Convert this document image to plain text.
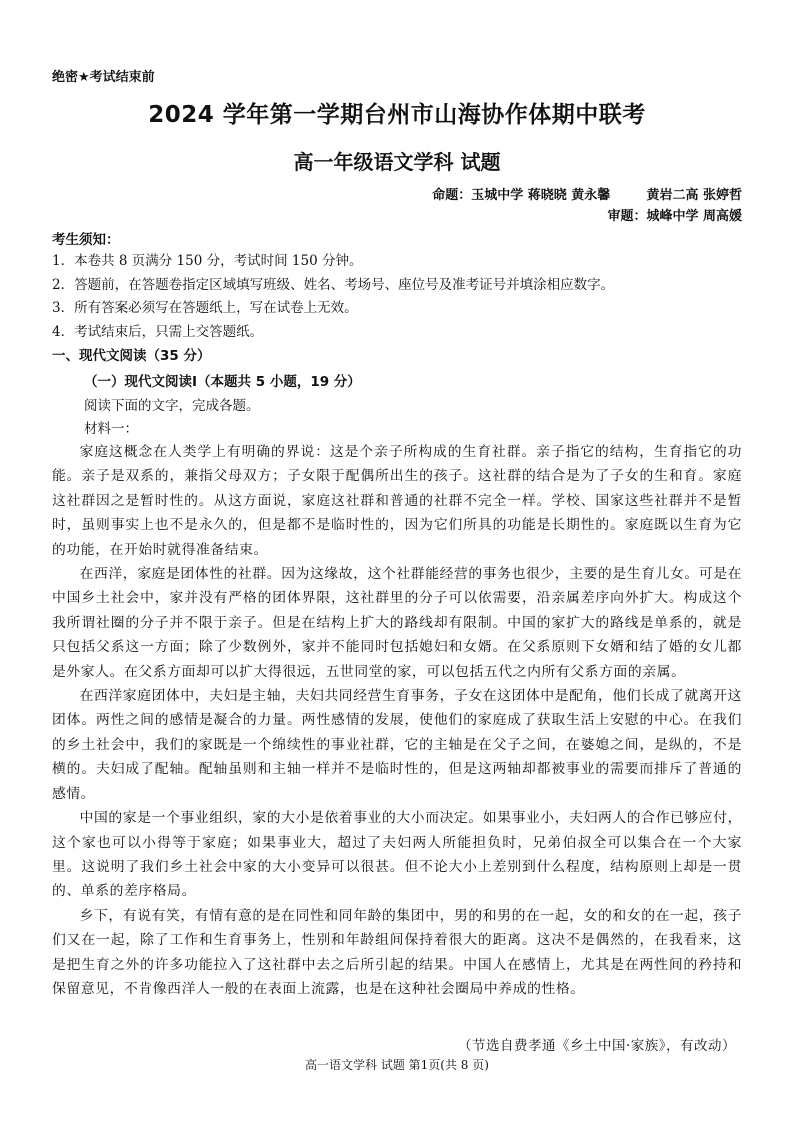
绝密★考试结束前
2024 学年第一学期台州市山海协作体期中联考
高一年级语文学科 试题
命题：玉城中学 蒋晓晓 黄永馨        黄岩二高 张婷哲
审题：城峰中学 周高媛
考生须知：
1．本卷共 8 页满分 150 分，考试时间 150 分钟。
2．答题前，在答题卷指定区域填写班级、姓名、考场号、座位号及准考证号并填涂相应数字。
3．所有答案必须写在答题纸上，写在试卷上无效。
4．考试结束后，只需上交答题纸。
一、现代文阅读（35 分）
（一）现代文阅读Ⅰ（本题共 5 小题，19 分）
阅读下面的文字，完成各题。
材料一：

家庭这概念在人类学上有明确的界说：这是个亲子所构成的生育社群。亲子指它的结构，生育指它的功能。亲子是双系的，兼指父母双方；子女限于配偶所出生的孩子。这社群的结合是为了子女的生和育。家庭这社群因之是暂时性的。从这方面说，家庭这社群和普通的社群不完全一样。学校、国家这些社群并不是暂时，虽则事实上也不是永久的，但是都不是临时性的，因为它们所具的功能是长期性的。家庭既以生育为它的功能，在开始时就得准备结束。

在西洋，家庭是团体性的社群。因为这缘故，这个社群能经营的事务也很少，主要的是生育儿女。可是在中国乡土社会中，家并没有严格的团体界限，这社群里的分子可以依需要，沿亲属差序向外扩大。构成这个我所谓社圈的分子并不限于亲子。但是在结构上扩大的路线却有限制。中国的家扩大的路线是单系的，就是只包括父系这一方面；除了少数例外，家并不能同时包括媳妇和女婿。在父系原则下女婿和结了婚的女儿都是外家人。在父系方面却可以扩大得很远，五世同堂的家，可以包括五代之内所有父系方面的亲属。

在西洋家庭团体中，夫妇是主轴，夫妇共同经营生育事务，子女在这团体中是配角，他们长成了就离开这团体。两性之间的感情是凝合的力量。两性感情的发展，使他们的家庭成了获取生活上安慰的中心。在我们的乡土社会中，我们的家既是一个绵续性的事业社群，它的主轴是在父子之间，在婆媳之间，是纵的，不是横的。夫妇成了配轴。配轴虽则和主轴一样并不是临时性的，但是这两轴却都被事业的需要而排斥了普通的感情。

中国的家是一个事业组织，家的大小是依着事业的大小而决定。如果事业小，夫妇两人的合作已够应付，这个家也可以小得等于家庭；如果事业大，超过了夫妇两人所能担负时，兄弟伯叔全可以集合在一个大家里。这说明了我们乡土社会中家的大小变异可以很甚。但不论大小上差别到什么程度，结构原则上却是一贯的、单系的差序格局。

乡下，有说有笑，有情有意的是在同性和同年龄的集团中，男的和男的在一起，女的和女的在一起，孩子们又在一起，除了工作和生育事务上，性别和年龄组间保持着很大的距离。这决不是偶然的，在我看来，这是把生育之外的许多功能拉入了这社群中去之后所引起的结果。中国人在感情上，尤其是在两性间的矜持和保留意见，不肯像西洋人一般的在表面上流露，也是在这种社会圈局中养成的性格。

（节选自费孝通《乡土中国·家族》，有改动）
高一语文学科 试题 第1页(共 8 页)
